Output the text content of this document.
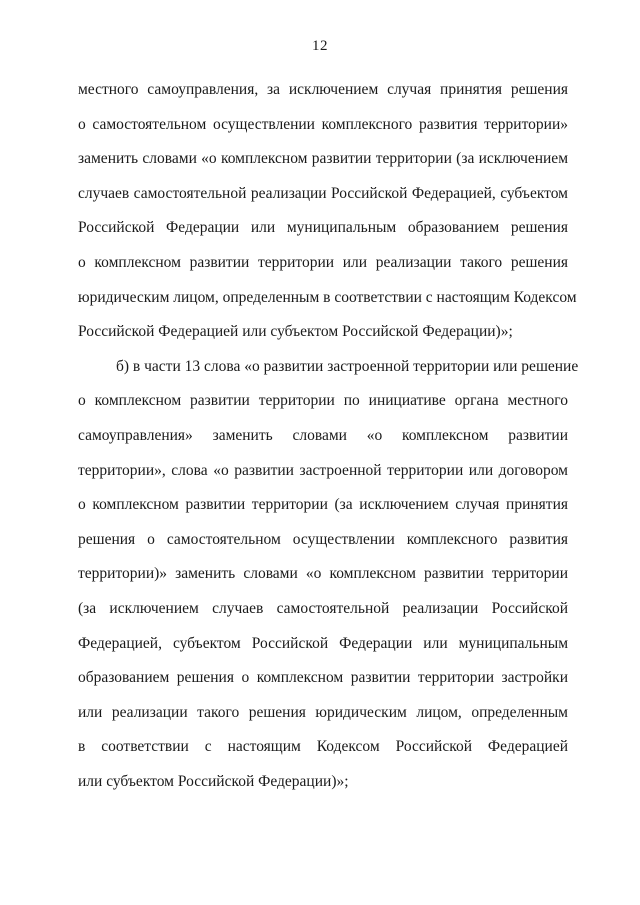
12
местного самоуправления, за исключением случая принятия решения
о самостоятельном осуществлении комплексного развития территории»
заменить словами «о комплексном развитии территории (за исключением
случаев самостоятельной реализации Российской Федерацией, субъектом
Российской Федерации или муниципальным образованием решения
о комплексном развитии территории или реализации такого решения
юридическим лицом, определенным в соответствии с настоящим Кодексом
Российской Федерацией или субъектом Российской Федерации)»;
б) в части 13 слова «о развитии застроенной территории или решение
о комплексном развитии территории по инициативе органа местного
самоуправления» заменить словами «о комплексном развитии
территории», слова «о развитии застроенной территории или договором
о комплексном развитии территории (за исключением случая принятия
решения о самостоятельном осуществлении комплексного развития
территории)» заменить словами «о комплексном развитии территории
(за исключением случаев самостоятельной реализации Российской
Федерацией, субъектом Российской Федерации или муниципальным
образованием решения о комплексном развитии территории застройки
или реализации такого решения юридическим лицом, определенным
в соответствии с настоящим Кодексом Российской Федерацией
или субъектом Российской Федерации)»;
